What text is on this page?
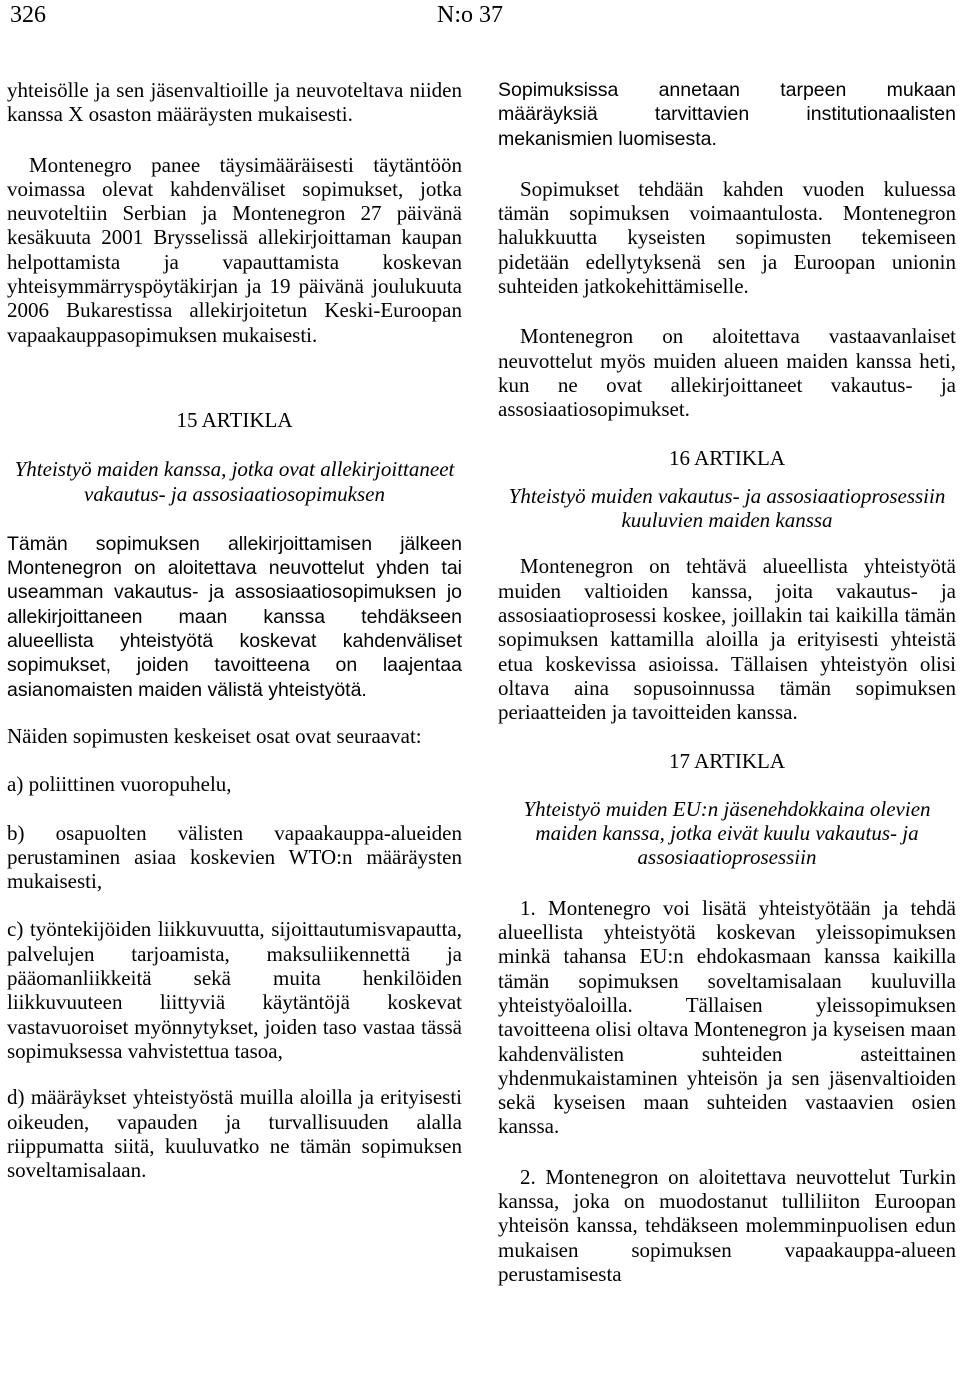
326	N:o 37

yhteisölle ja sen jäsenvaltioille ja neuvoteltava niiden kanssa X osaston määräysten mukaisesti.

Montenegro panee täysimääräisesti täytäntöön voimassa olevat kahdenväliset sopimukset, jotka neuvoteltiin Serbian ja Montenegron 27 päivänä kesäkuuta 2001 Brysselissä allekirjoittaman kaupan helpottamista ja vapauttamista koskevan yhteisymmärryspöytäkirjan ja 19 päivänä joulukuuta 2006 Bukarestissa allekirjoitetun Keski-Euroopan vapaakauppasopimuksen mukaisesti.

15 ARTIKLA
Yhteistyö maiden kanssa, jotka ovat allekirjoittaneet vakautus- ja assosiaatiosopimuksen

Tämän sopimuksen allekirjoittamisen jälkeen Montenegron on aloitettava neuvottelut yhden tai useamman vakautus- ja assosiaatiosopimuksen jo allekirjoittaneen maan kanssa tehdäkseen alueellista yhteistyötä koskevat kahdenväliset sopimukset, joiden tavoitteena on laajentaa asianomaisten maiden välistä yhteistyötä.

Näiden sopimusten keskeiset osat ovat seuraavat:

a) poliittinen vuoropuhelu,

b) osapuolten välisten vapaakauppa-alueiden perustaminen asiaa koskevien WTO:n määräysten mukaisesti,

c) työntekijöiden liikkuvuutta, sijoittautumisvapautta, palvelujen tarjoamista, maksuliikennettä ja pääomanliikkeitä sekä muita henkilöiden liikkuvuuteen liittyviä käytäntöjä koskevat vastavuoroiset myönnytykset, joiden taso vastaa tässä sopimuksessa vahvistettua tasoa,

d) määräykset yhteistyöstä muilla aloilla ja erityisesti oikeuden, vapauden ja turvallisuuden alalla riippumatta siitä, kuuluvatko ne tämän sopimuksen soveltamisalaan.

Sopimuksissa annetaan tarpeen mukaan määräyksiä tarvittavien institutionaalisten mekanismien luomisesta.

Sopimukset tehdään kahden vuoden kuluessa tämän sopimuksen voimaantulosta. Montenegron halukkuutta kyseisten sopimusten tekemiseen pidetään edellytyksenä sen ja Euroopan unionin suhteiden jatkokehittämiselle.

Montenegron on aloitettava vastaavanlaiset neuvottelut myös muiden alueen maiden kanssa heti, kun ne ovat allekirjoittaneet vakautus- ja assosiaatiosopimukset.

16 ARTIKLA
Yhteistyö muiden vakautus- ja assosiaatioprosessiin kuuluvien maiden kanssa

Montenegron on tehtävä alueellista yhteistyötä muiden valtioiden kanssa, joita vakautus- ja assosiaatioprosessi koskee, joillakin tai kaikilla tämän sopimuksen kattamilla aloilla ja erityisesti yhteistä etua koskevissa asioissa. Tällaisen yhteistyön olisi oltava aina sopusoinnussa tämän sopimuksen periaatteiden ja tavoitteiden kanssa.

17 ARTIKLA
Yhteistyö muiden EU:n jäsenehdokkaina olevien maiden kanssa, jotka eivät kuulu vakautus- ja assosiaatioprosessiin

1. Montenegro voi lisätä yhteistyötään ja tehdä alueellista yhteistyötä koskevan yleissopimuksen minkä tahansa EU:n ehdokasmaan kanssa kaikilla tämän sopimuksen soveltamisalaan kuuluvilla yhteistyöaloilla. Tällaisen yleissopimuksen tavoitteena olisi oltava Montenegron ja kyseisen maan kahdenvälisten suhteiden asteittainen yhdenmukaistaminen yhteisön ja sen jäsenvaltioiden sekä kyseisen maan suhteiden vastaavien osien kanssa.

2. Montenegron on aloitettava neuvottelut Turkin kanssa, joka on muodostanut tulliliiton Euroopan yhteisön kanssa, tehdäkseen molemminpuolisen edun mukaisen sopimuksen vapaakauppa-alueen perustamisesta
